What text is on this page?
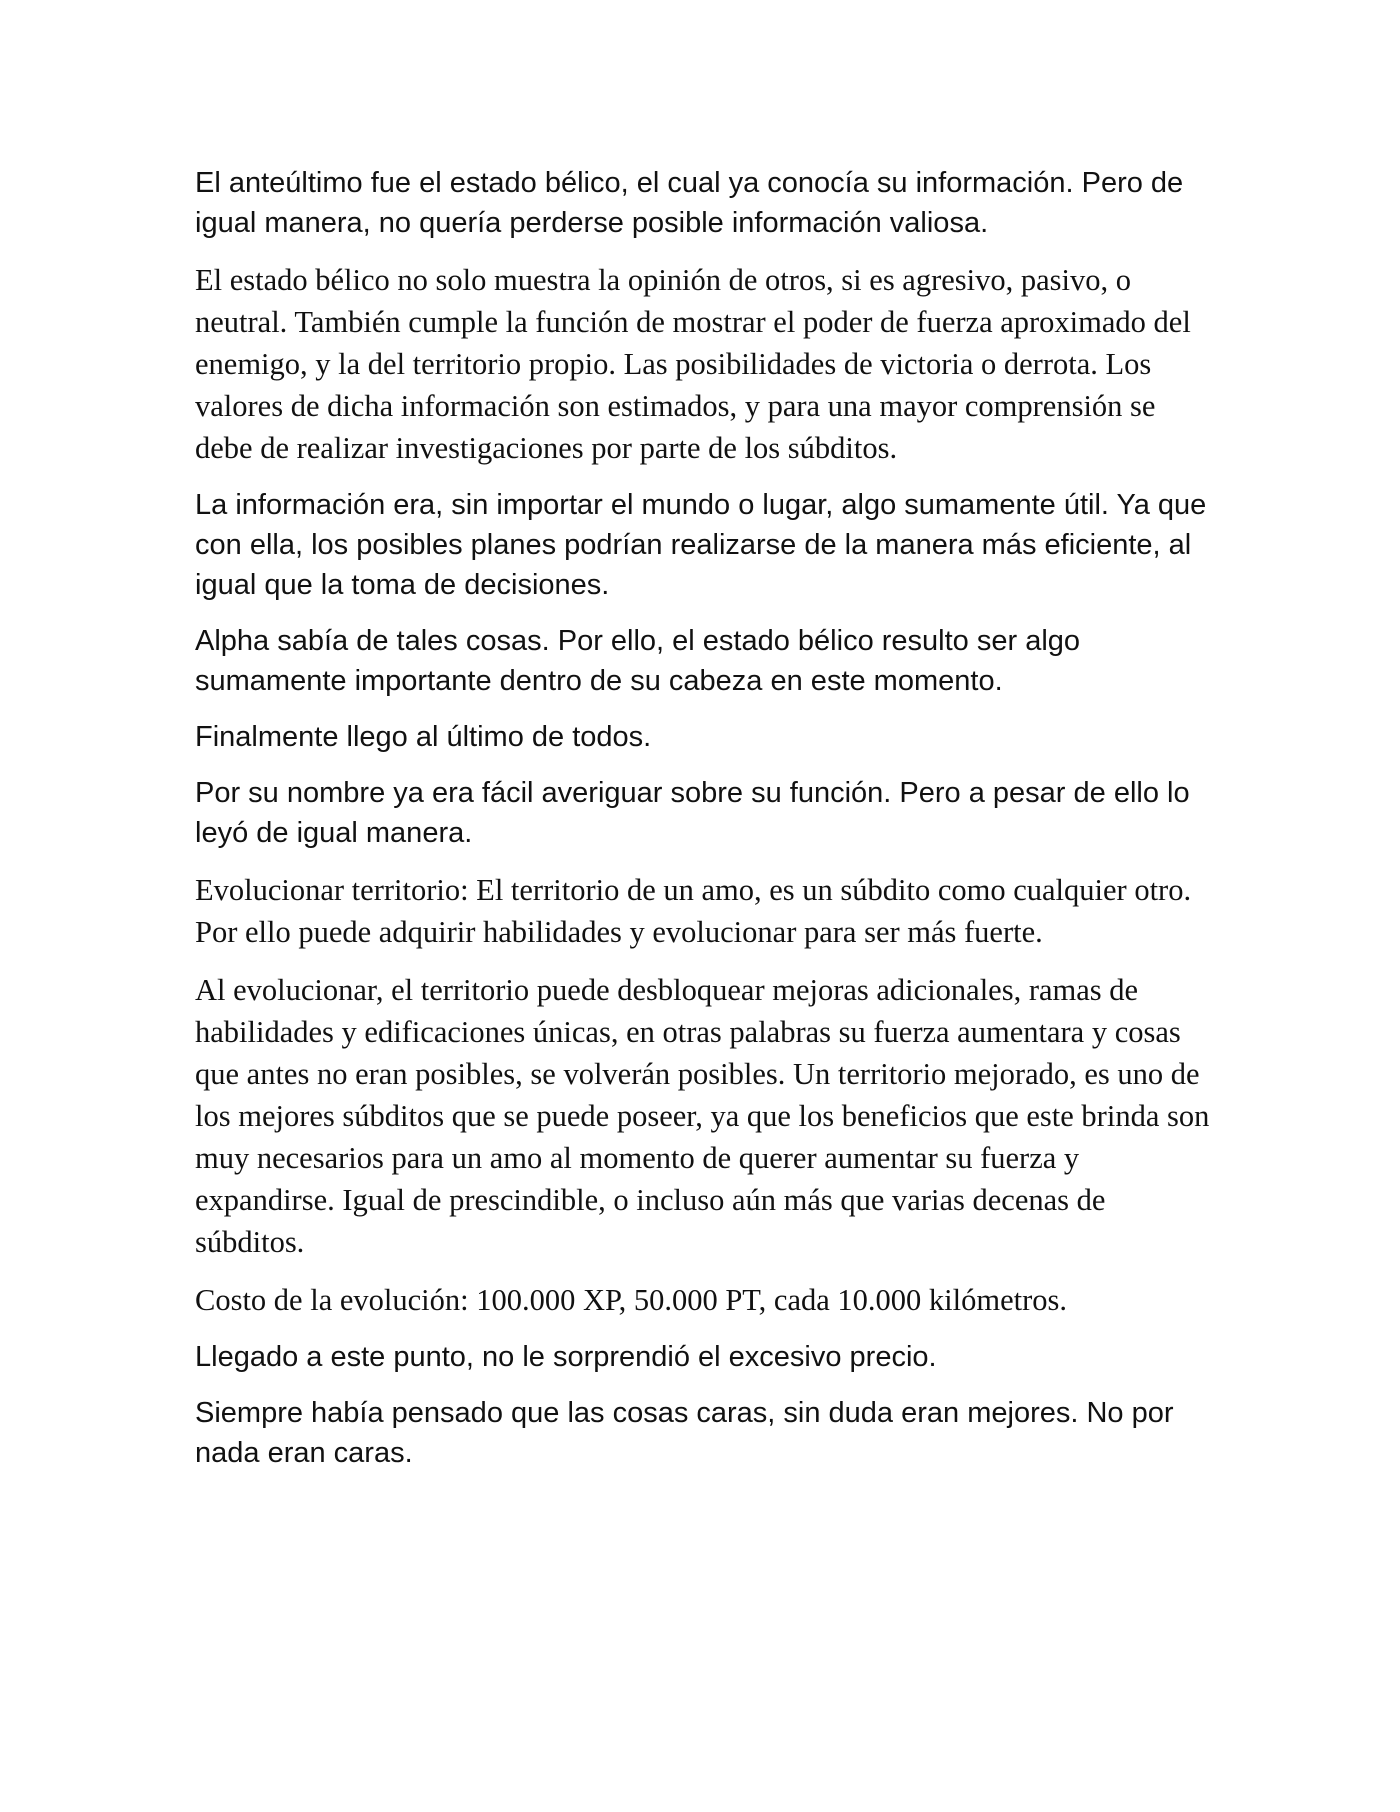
El anteúltimo fue el estado bélico, el cual ya conocía su información. Pero de igual manera, no quería perderse posible información valiosa.

El estado bélico no solo muestra la opinión de otros, si es agresivo, pasivo, o neutral. También cumple la función de mostrar el poder de fuerza aproximado del enemigo, y la del territorio propio. Las posibilidades de victoria o derrota. Los valores de dicha información son estimados, y para una mayor comprensión se debe de realizar investigaciones por parte de los súbditos.

La información era, sin importar el mundo o lugar, algo sumamente útil. Ya que con ella, los posibles planes podrían realizarse de la manera más eficiente, al igual que la toma de decisiones.

Alpha sabía de tales cosas. Por ello, el estado bélico resulto ser algo sumamente importante dentro de su cabeza en este momento.

Finalmente llego al último de todos.

Por su nombre ya era fácil averiguar sobre su función. Pero a pesar de ello lo leyó de igual manera.

Evolucionar territorio: El territorio de un amo, es un súbdito como cualquier otro. Por ello puede adquirir habilidades y evolucionar para ser más fuerte.

Al evolucionar, el territorio puede desbloquear mejoras adicionales, ramas de habilidades y edificaciones únicas, en otras palabras su fuerza aumentara y cosas que antes no eran posibles, se volverán posibles. Un territorio mejorado, es uno de los mejores súbditos que se puede poseer, ya que los beneficios que este brinda son muy necesarios para un amo al momento de querer aumentar su fuerza y expandirse. Igual de prescindible, o incluso aún más que varias decenas de súbditos.

Costo de la evolución: 100.000 XP, 50.000 PT, cada 10.000 kilómetros.

Llegado a este punto, no le sorprendió el excesivo precio.

Siempre había pensado que las cosas caras, sin duda eran mejores. No por nada eran caras.
